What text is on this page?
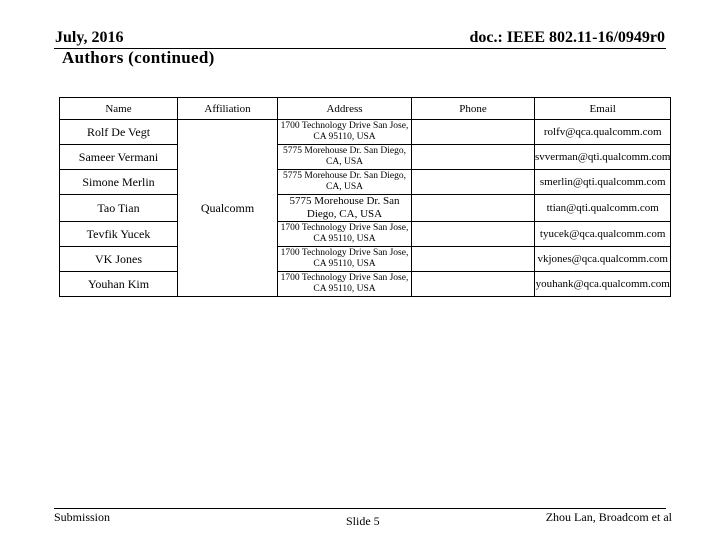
July, 2016	doc.: IEEE 802.11-16/0949r0
Authors (continued)
Name	Affiliation	Address	Phone	Email
Rolf De Vegt	Qualcomm	1700 Technology Drive San Jose, CA 95110, USA		rolfv@qca.qualcomm.com
Sameer Vermani		5775 Morehouse Dr. San Diego, CA, USA		svverman@qti.qualcomm.com
Simone Merlin		5775 Morehouse Dr. San Diego, CA, USA		smerlin@qti.qualcomm.com
Tao Tian		5775 Morehouse Dr. San Diego, CA, USA		ttian@qti.qualcomm.com
Tevfik Yucek		1700 Technology Drive San Jose, CA 95110, USA		tyucek@qca.qualcomm.com
VK Jones		1700 Technology Drive San Jose, CA 95110, USA		vkjones@qca.qualcomm.com
Youhan Kim		1700 Technology Drive San Jose, CA 95110, USA		youhank@qca.qualcomm.com
Submission	Slide 5	Zhou Lan, Broadcom et al
